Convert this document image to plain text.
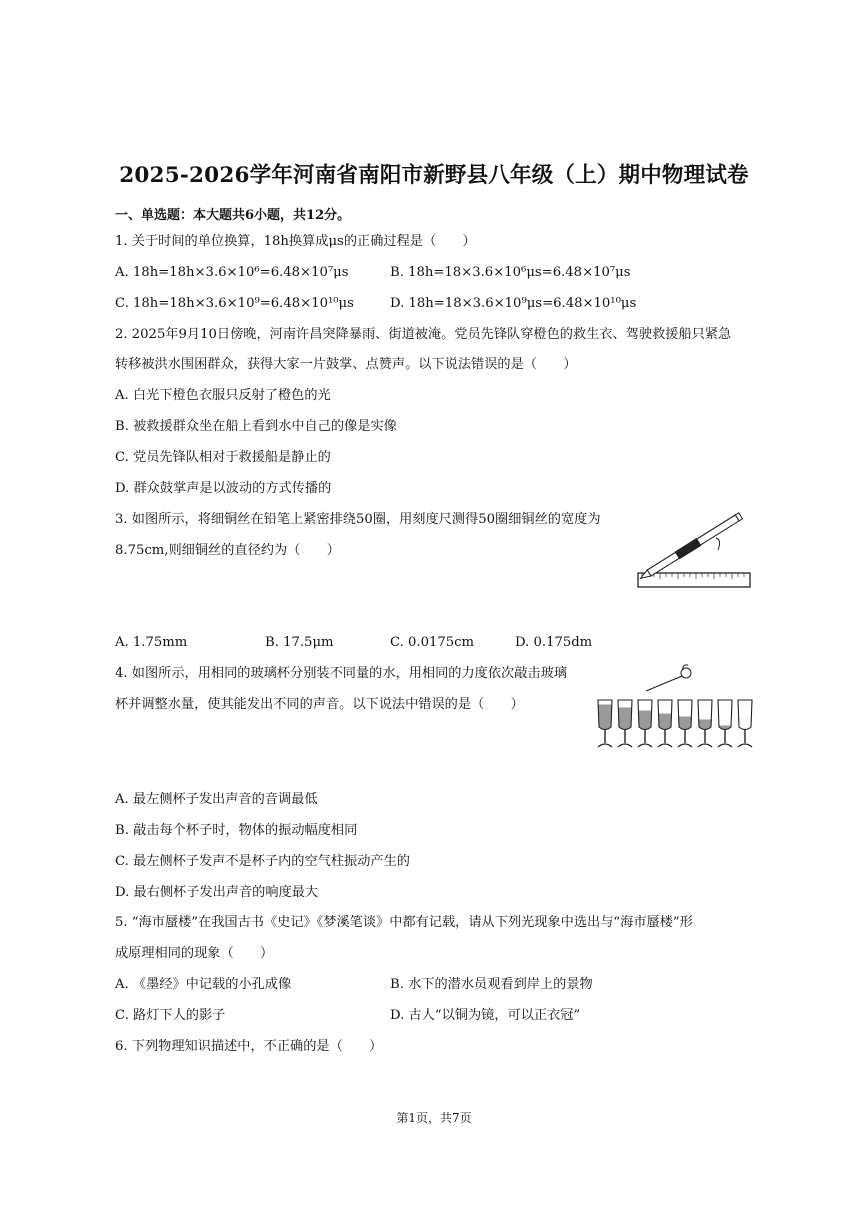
2025-2026学年河南省南阳市新野县八年级（上）期中物理试卷
一、单选题：本大题共6小题，共12分。
1. 关于时间的单位换算，18h换算成μs的正确过程是（　　）
A. 18h=18h×3.6×10⁶=6.48×10⁷μs	B. 18h=18×3.6×10⁶μs=6.48×10⁷μs
C. 18h=18h×3.6×10⁹=6.48×10¹⁰μs	D. 18h=18×3.6×10⁹μs=6.48×10¹⁰μs
2. 2025年9月10日傍晚，河南许昌突降暴雨、街道被淹。党员先锋队穿橙色的救生衣、驾驶救援船只紧急
转移被洪水围困群众，获得大家一片鼓掌、点赞声。以下说法错误的是（　　）
A. 白光下橙色衣服只反射了橙色的光
B. 被救援群众坐在船上看到水中自己的像是实像
C. 党员先锋队相对于救援船是静止的
D. 群众鼓掌声是以波动的方式传播的
3. 如图所示，将细铜丝在铅笔上紧密排绕50圈，用刻度尺测得50圈细铜丝的宽度为
8.75cm,则细铜丝的直径约为（　　）
A. 1.75mm	B. 17.5μm	C. 0.0175cm	D. 0.175dm
4. 如图所示，用相同的玻璃杯分别装不同量的水，用相同的力度依次敲击玻璃
杯并调整水量，使其能发出不同的声音。以下说法中错误的是（　　）
A. 最左侧杯子发出声音的音调最低
B. 敲击每个杯子时，物体的振动幅度相同
C. 最左侧杯子发声不是杯子内的空气柱振动产生的
D. 最右侧杯子发出声音的响度最大
5. “海市蜃楼”在我国古书《史记》《梦溪笔谈》中都有记载，请从下列光现象中选出与“海市蜃楼”形
成原理相同的现象（　　）
A. 《墨经》中记载的小孔成像	B. 水下的潜水员观看到岸上的景物
C. 路灯下人的影子	D. 古人“以铜为镜，可以正衣冠”
6. 下列物理知识描述中，不正确的是（　　）
第1页，共7页
